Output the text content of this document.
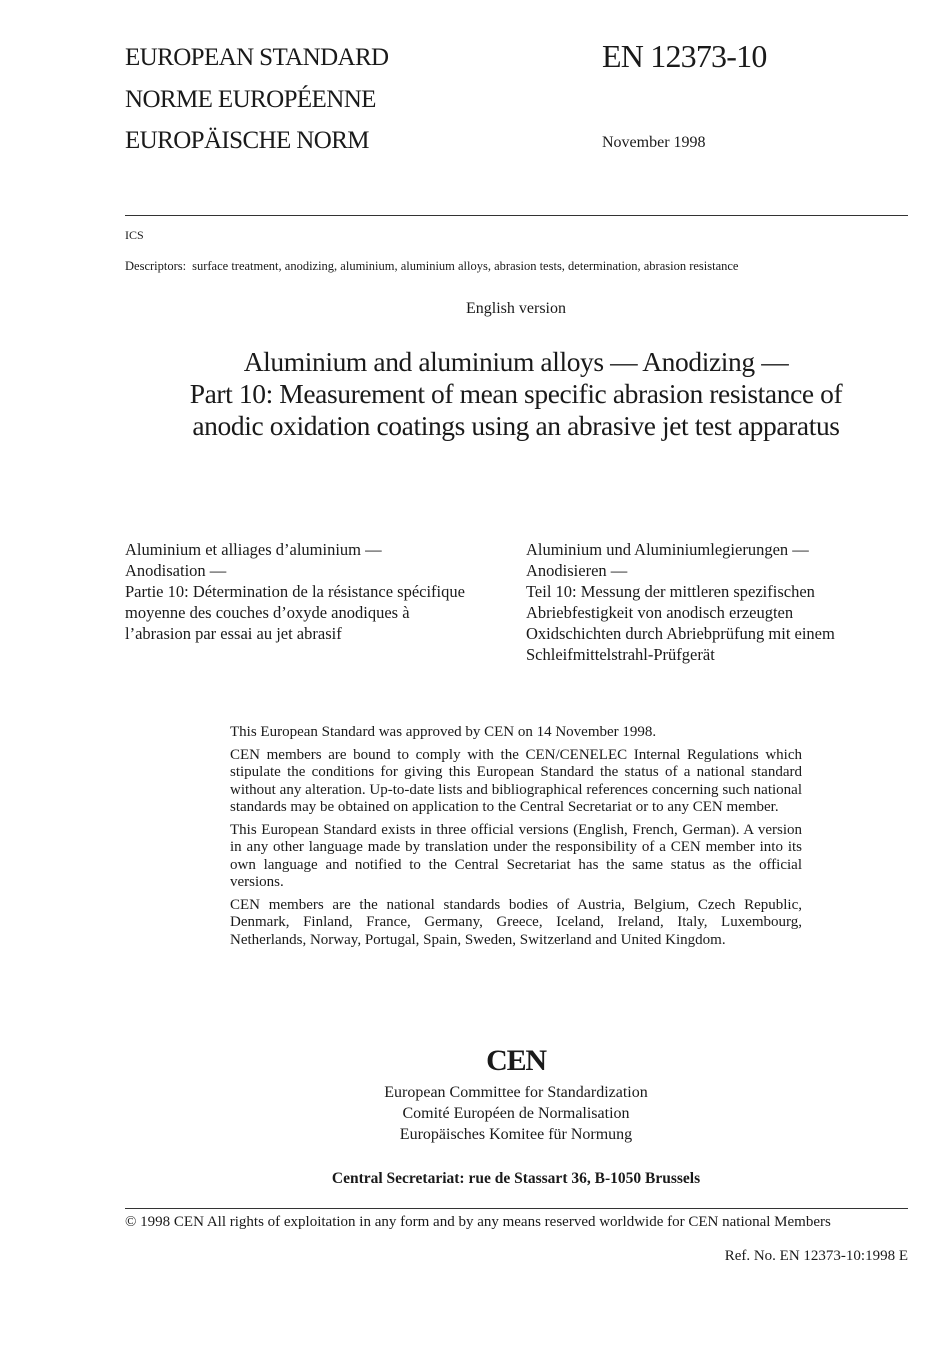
EUROPEAN STANDARD
NORME EUROPÉENNE
EUROPÄISCHE NORM
EN 12373-10
November 1998
ICS
Descriptors: surface treatment, anodizing, aluminium, aluminium alloys, abrasion tests, determination, abrasion resistance
English version
Aluminium and aluminium alloys — Anodizing —
Part 10: Measurement of mean specific abrasion resistance of
anodic oxidation coatings using an abrasive jet test apparatus
Aluminium et alliages d’aluminium —
Anodisation —
Partie 10: Détermination de la résistance spécifique
moyenne des couches d’oxyde anodiques à
l’abrasion par essai au jet abrasif
Aluminium und Aluminiumlegierungen —
Anodisieren —
Teil 10: Messung der mittleren spezifischen
Abriebfestigkeit von anodisch erzeugten
Oxidschichten durch Abriebprüfung mit einem
Schleifmittelstrahl-Prüfgerät

This European Standard was approved by CEN on 14 November 1998.

CEN members are bound to comply with the CEN/CENELEC Internal Regulations which stipulate the conditions for giving this European Standard the status of a national standard without any alteration. Up-to-date lists and bibliographical references concerning such national standards may be obtained on application to the Central Secretariat or to any CEN member.

This European Standard exists in three official versions (English, French, German). A version in any other language made by translation under the responsibility of a CEN member into its own language and notified to the Central Secretariat has the same status as the official versions.

CEN members are the national standards bodies of Austria, Belgium, Czech Republic, Denmark, Finland, France, Germany, Greece, Iceland, Ireland, Italy, Luxembourg, Netherlands, Norway, Portugal, Spain, Sweden, Switzerland and United Kingdom.

CEN
European Committee for Standardization
Comité Européen de Normalisation
Europäisches Komitee für Normung
Central Secretariat: rue de Stassart 36, B-1050 Brussels
© 1998 CEN All rights of exploitation in any form and by any means reserved worldwide for CEN national Members
Ref. No. EN 12373-10:1998 E
